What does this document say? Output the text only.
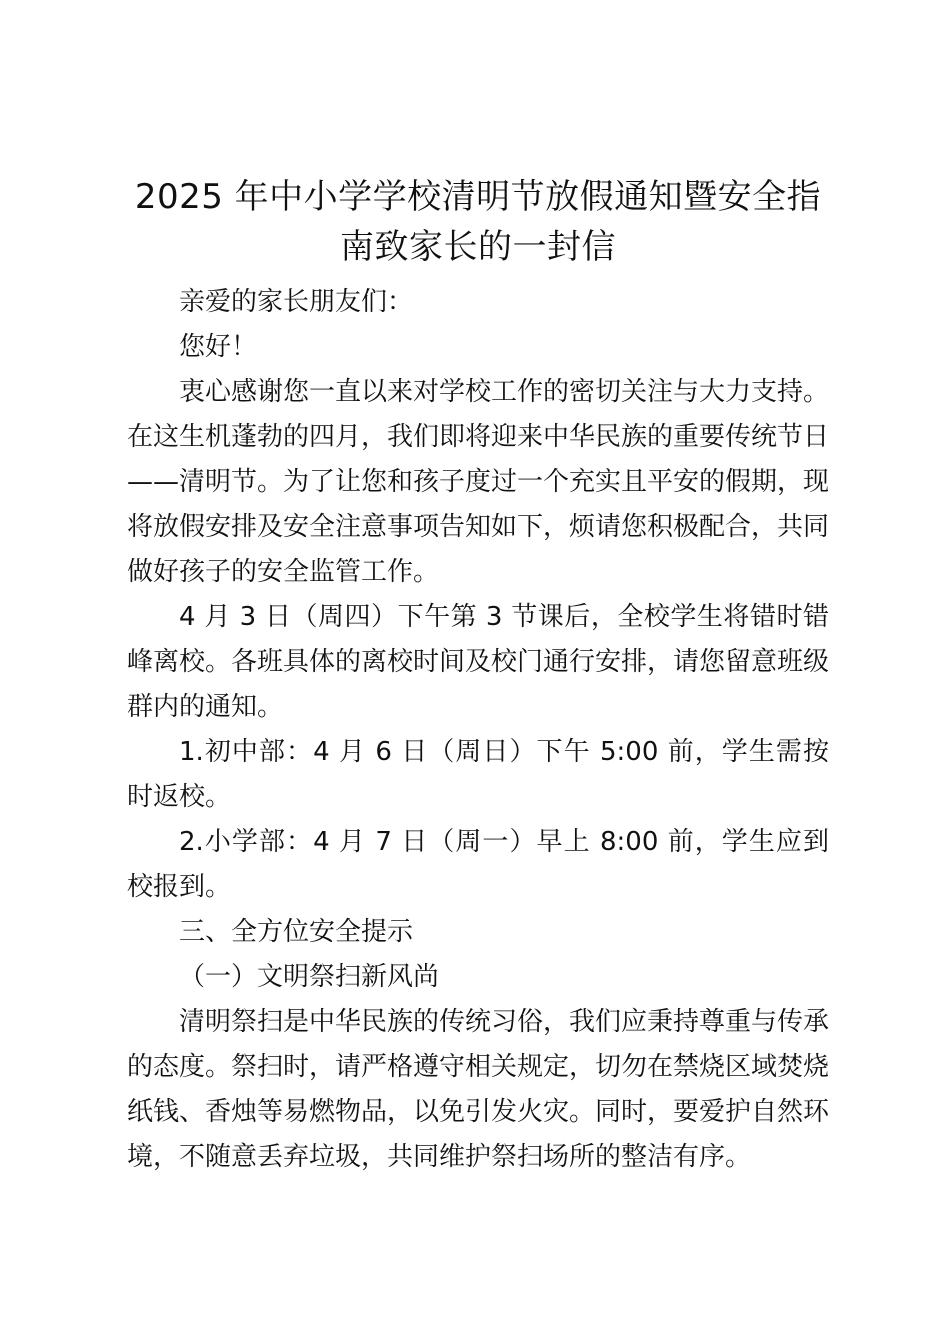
2025 年中小学学校清明节放假通知暨安全指
南致家长的一封信

亲爱的家长朋友们：

您好！

衷心感谢您一直以来对学校工作的密切关注与大力支持。在这生机蓬勃的四月，我们即将迎来中华民族的重要传统节日——清明节。为了让您和孩子度过一个充实且平安的假期，现将放假安排及安全注意事项告知如下，烦请您积极配合，共同做好孩子的安全监管工作。

4 月 3 日（周四）下午第 3 节课后，全校学生将错时错峰离校。各班具体的离校时间及校门通行安排，请您留意班级群内的通知。

1.初中部：4 月 6 日（周日）下午 5:00 前，学生需按时返校。

2.小学部：4 月 7 日（周一）早上 8:00 前，学生应到校报到。

三、全方位安全提示

（一）文明祭扫新风尚

清明祭扫是中华民族的传统习俗，我们应秉持尊重与传承的态度。祭扫时，请严格遵守相关规定，切勿在禁烧区域焚烧纸钱、香烛等易燃物品，以免引发火灾。同时，要爱护自然环境，不随意丢弃垃圾，共同维护祭扫场所的整洁有序。
